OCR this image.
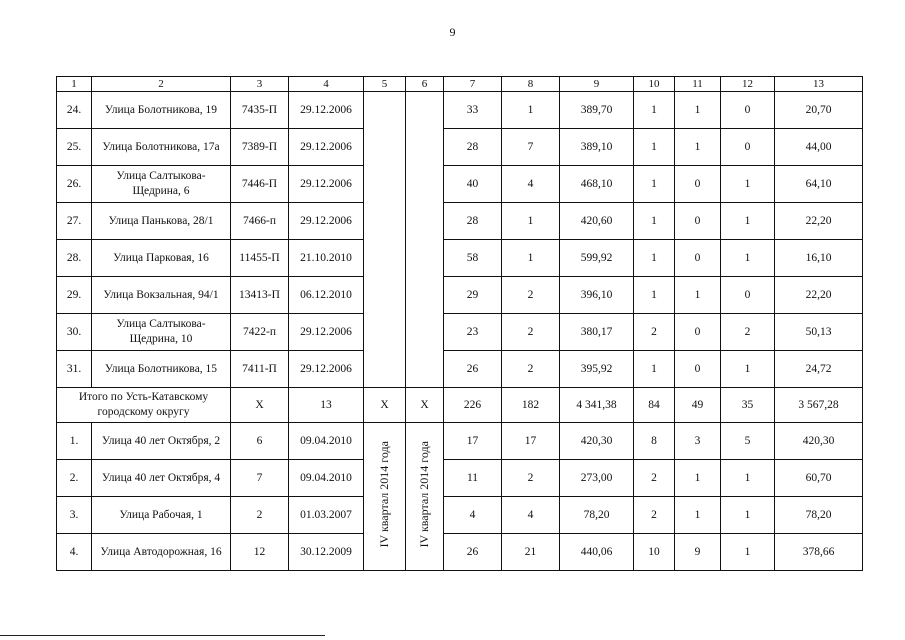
9
1	2	3	4	5	6	7	8	9	10	11	12	13
24.	Улица Болотникова, 19	7435-П	29.12.2006			33	1	389,70	1	1	0	20,70
25.	Улица Болотникова, 17а	7389-П	29.12.2006			28	7	389,10	1	1	0	44,00
26.	Улица Салтыкова-Щедрина, 6	7446-П	29.12.2006			40	4	468,10	1	0	1	64,10
27.	Улица Панькова, 28/1	7466-п	29.12.2006			28	1	420,60	1	0	1	22,20
28.	Улица Парковая, 16	11455-П	21.10.2010			58	1	599,92	1	0	1	16,10
29.	Улица Вокзальная, 94/1	13413-П	06.12.2010			29	2	396,10	1	1	0	22,20
30.	Улица Салтыкова-Щедрина, 10	7422-п	29.12.2006			23	2	380,17	2	0	2	50,13
31.	Улица Болотникова, 15	7411-П	29.12.2006			26	2	395,92	1	0	1	24,72
Итого по Усть-Катавскому городскому округу		Х	13	Х	Х	226	182	4 341,38	84	49	35	3 567,28
1.	Улица 40 лет Октября, 2	6	09.04.2010	IV квартал 2014 года	IV квартал 2014 года	17	17	420,30	8	3	5	420,30
2.	Улица 40 лет Октября, 4	7	09.04.2010			11	2	273,00	2	1	1	60,70
3.	Улица Рабочая, 1	2	01.03.2007			4	4	78,20	2	1	1	78,20
4.	Улица Автодорожная, 16	12	30.12.2009			26	21	440,06	10	9	1	378,66
